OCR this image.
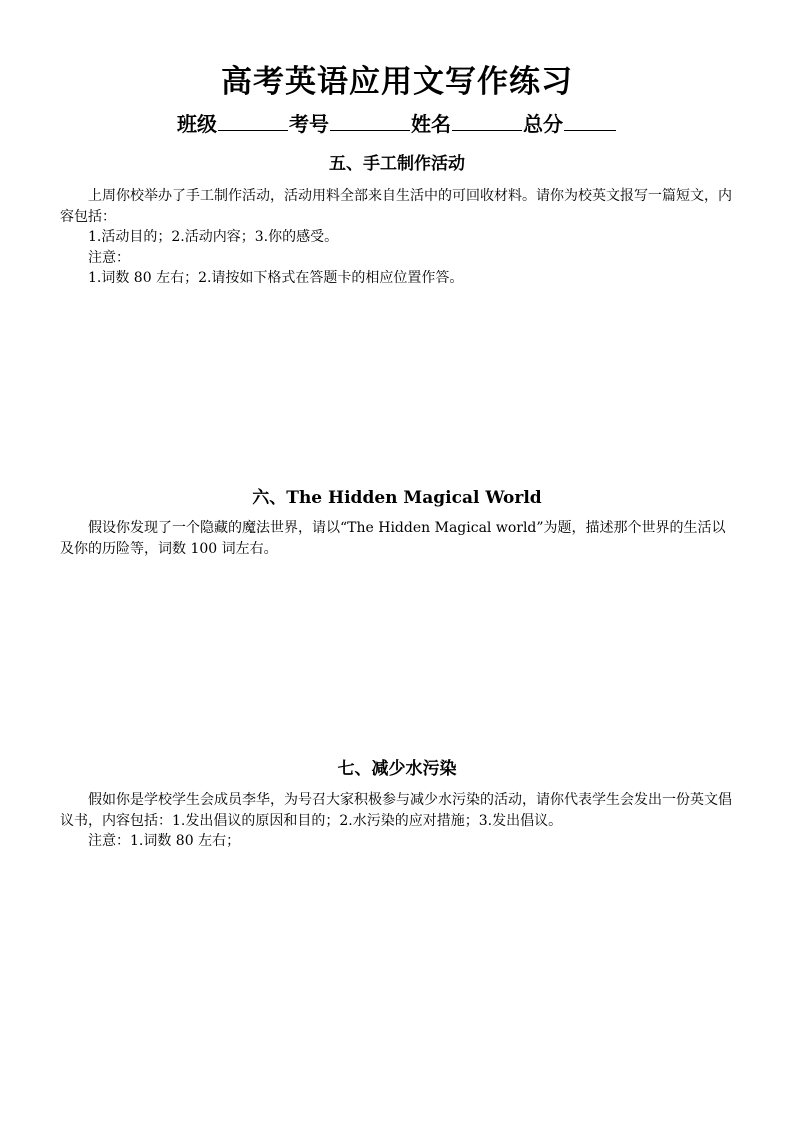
高考英语应用文写作练习
班级	考号	姓名	总分
五、手工制作活动

上周你校举办了手工制作活动，活动用料全部来自生活中的可回收材料。请你为校英文报写一篇短文，内容包括：

1.活动目的；2.活动内容；3.你的感受。

注意：

1.词数 80 左右；2.请按如下格式在答题卡的相应位置作答。

六、The Hidden Magical World

假设你发现了一个隐藏的魔法世界，请以“The Hidden Magical world”为题，描述那个世界的生活以及你的历险等，词数 100 词左右。

七、减少水污染

假如你是学校学生会成员李华，为号召大家积极参与减少水污染的活动，请你代表学生会发出一份英文倡议书，内容包括：1.发出倡议的原因和目的；2.水污染的应对措施；3.发出倡议。

注意：1.词数 80 左右；
